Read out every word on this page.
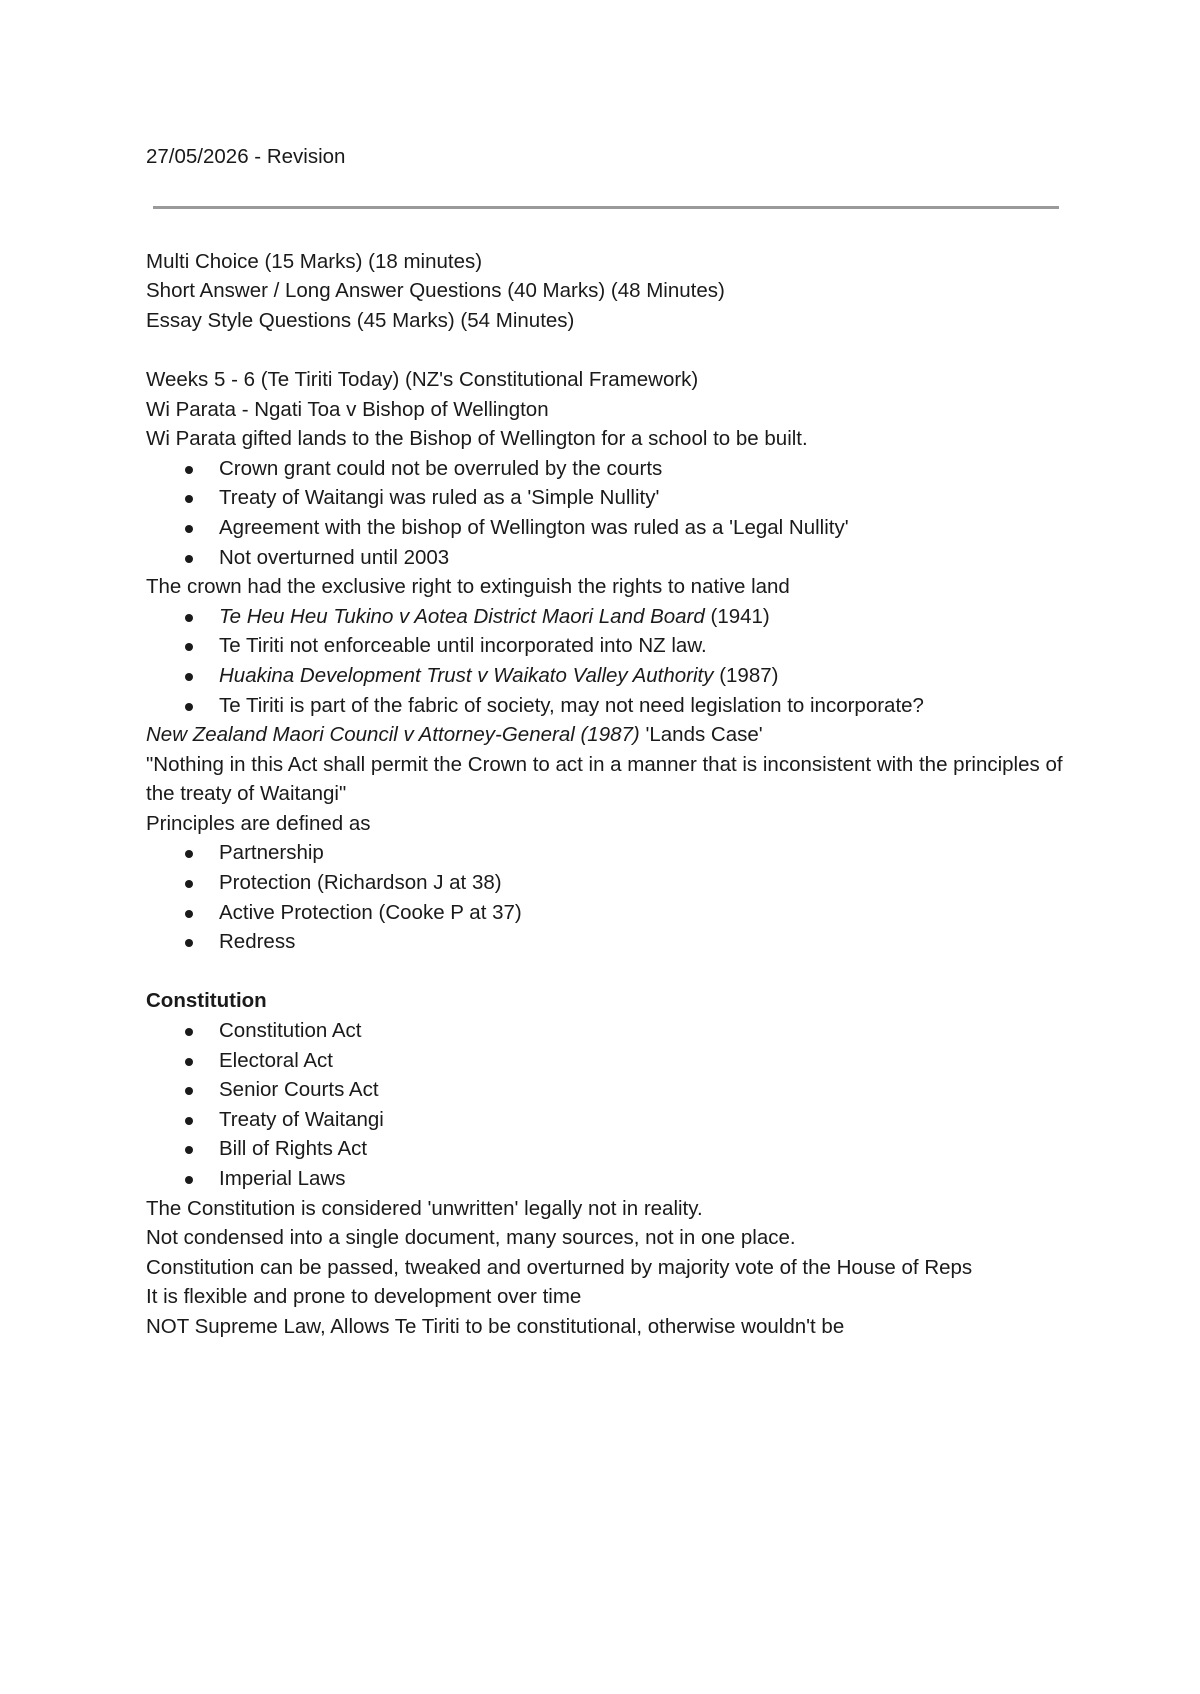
27/05/2026 - Revision
Multi Choice (15 Marks) (18 minutes)
Short Answer / Long Answer Questions (40 Marks) (48 Minutes)
Essay Style Questions (45 Marks) (54 Minutes)
Weeks 5 - 6 (Te Tiriti Today) (NZ's Constitutional Framework)
Wi Parata - Ngati Toa v Bishop of Wellington
Wi Parata gifted lands to the Bishop of Wellington for a school to be built.
Crown grant could not be overruled by the courts
Treaty of Waitangi was ruled as a 'Simple Nullity'
Agreement with the bishop of Wellington was ruled as a 'Legal Nullity'
Not overturned until 2003
The crown had the exclusive right to extinguish the rights to native land
Te Heu Heu Tukino v Aotea District Maori Land Board (1941)
Te Tiriti not enforceable until incorporated into NZ law.
Huakina Development Trust v Waikato Valley Authority (1987)
Te Tiriti is part of the fabric of society, may not need legislation to incorporate?
New Zealand Maori Council v Attorney-General (1987) 'Lands Case'
"Nothing in this Act shall permit the Crown to act in a manner that is inconsistent with the principles of the treaty of Waitangi"
Principles are defined as
Partnership
Protection (Richardson J at 38)
Active Protection (Cooke P at 37)
Redress
Constitution
Constitution Act
Electoral Act
Senior Courts Act
Treaty of Waitangi
Bill of Rights Act
Imperial Laws
The Constitution is considered 'unwritten' legally not in reality.
Not condensed into a single document, many sources, not in one place.
Constitution can be passed, tweaked and overturned by majority vote of the House of Reps
It is flexible and prone to development over time
NOT Supreme Law, Allows Te Tiriti to be constitutional, otherwise wouldn't be
